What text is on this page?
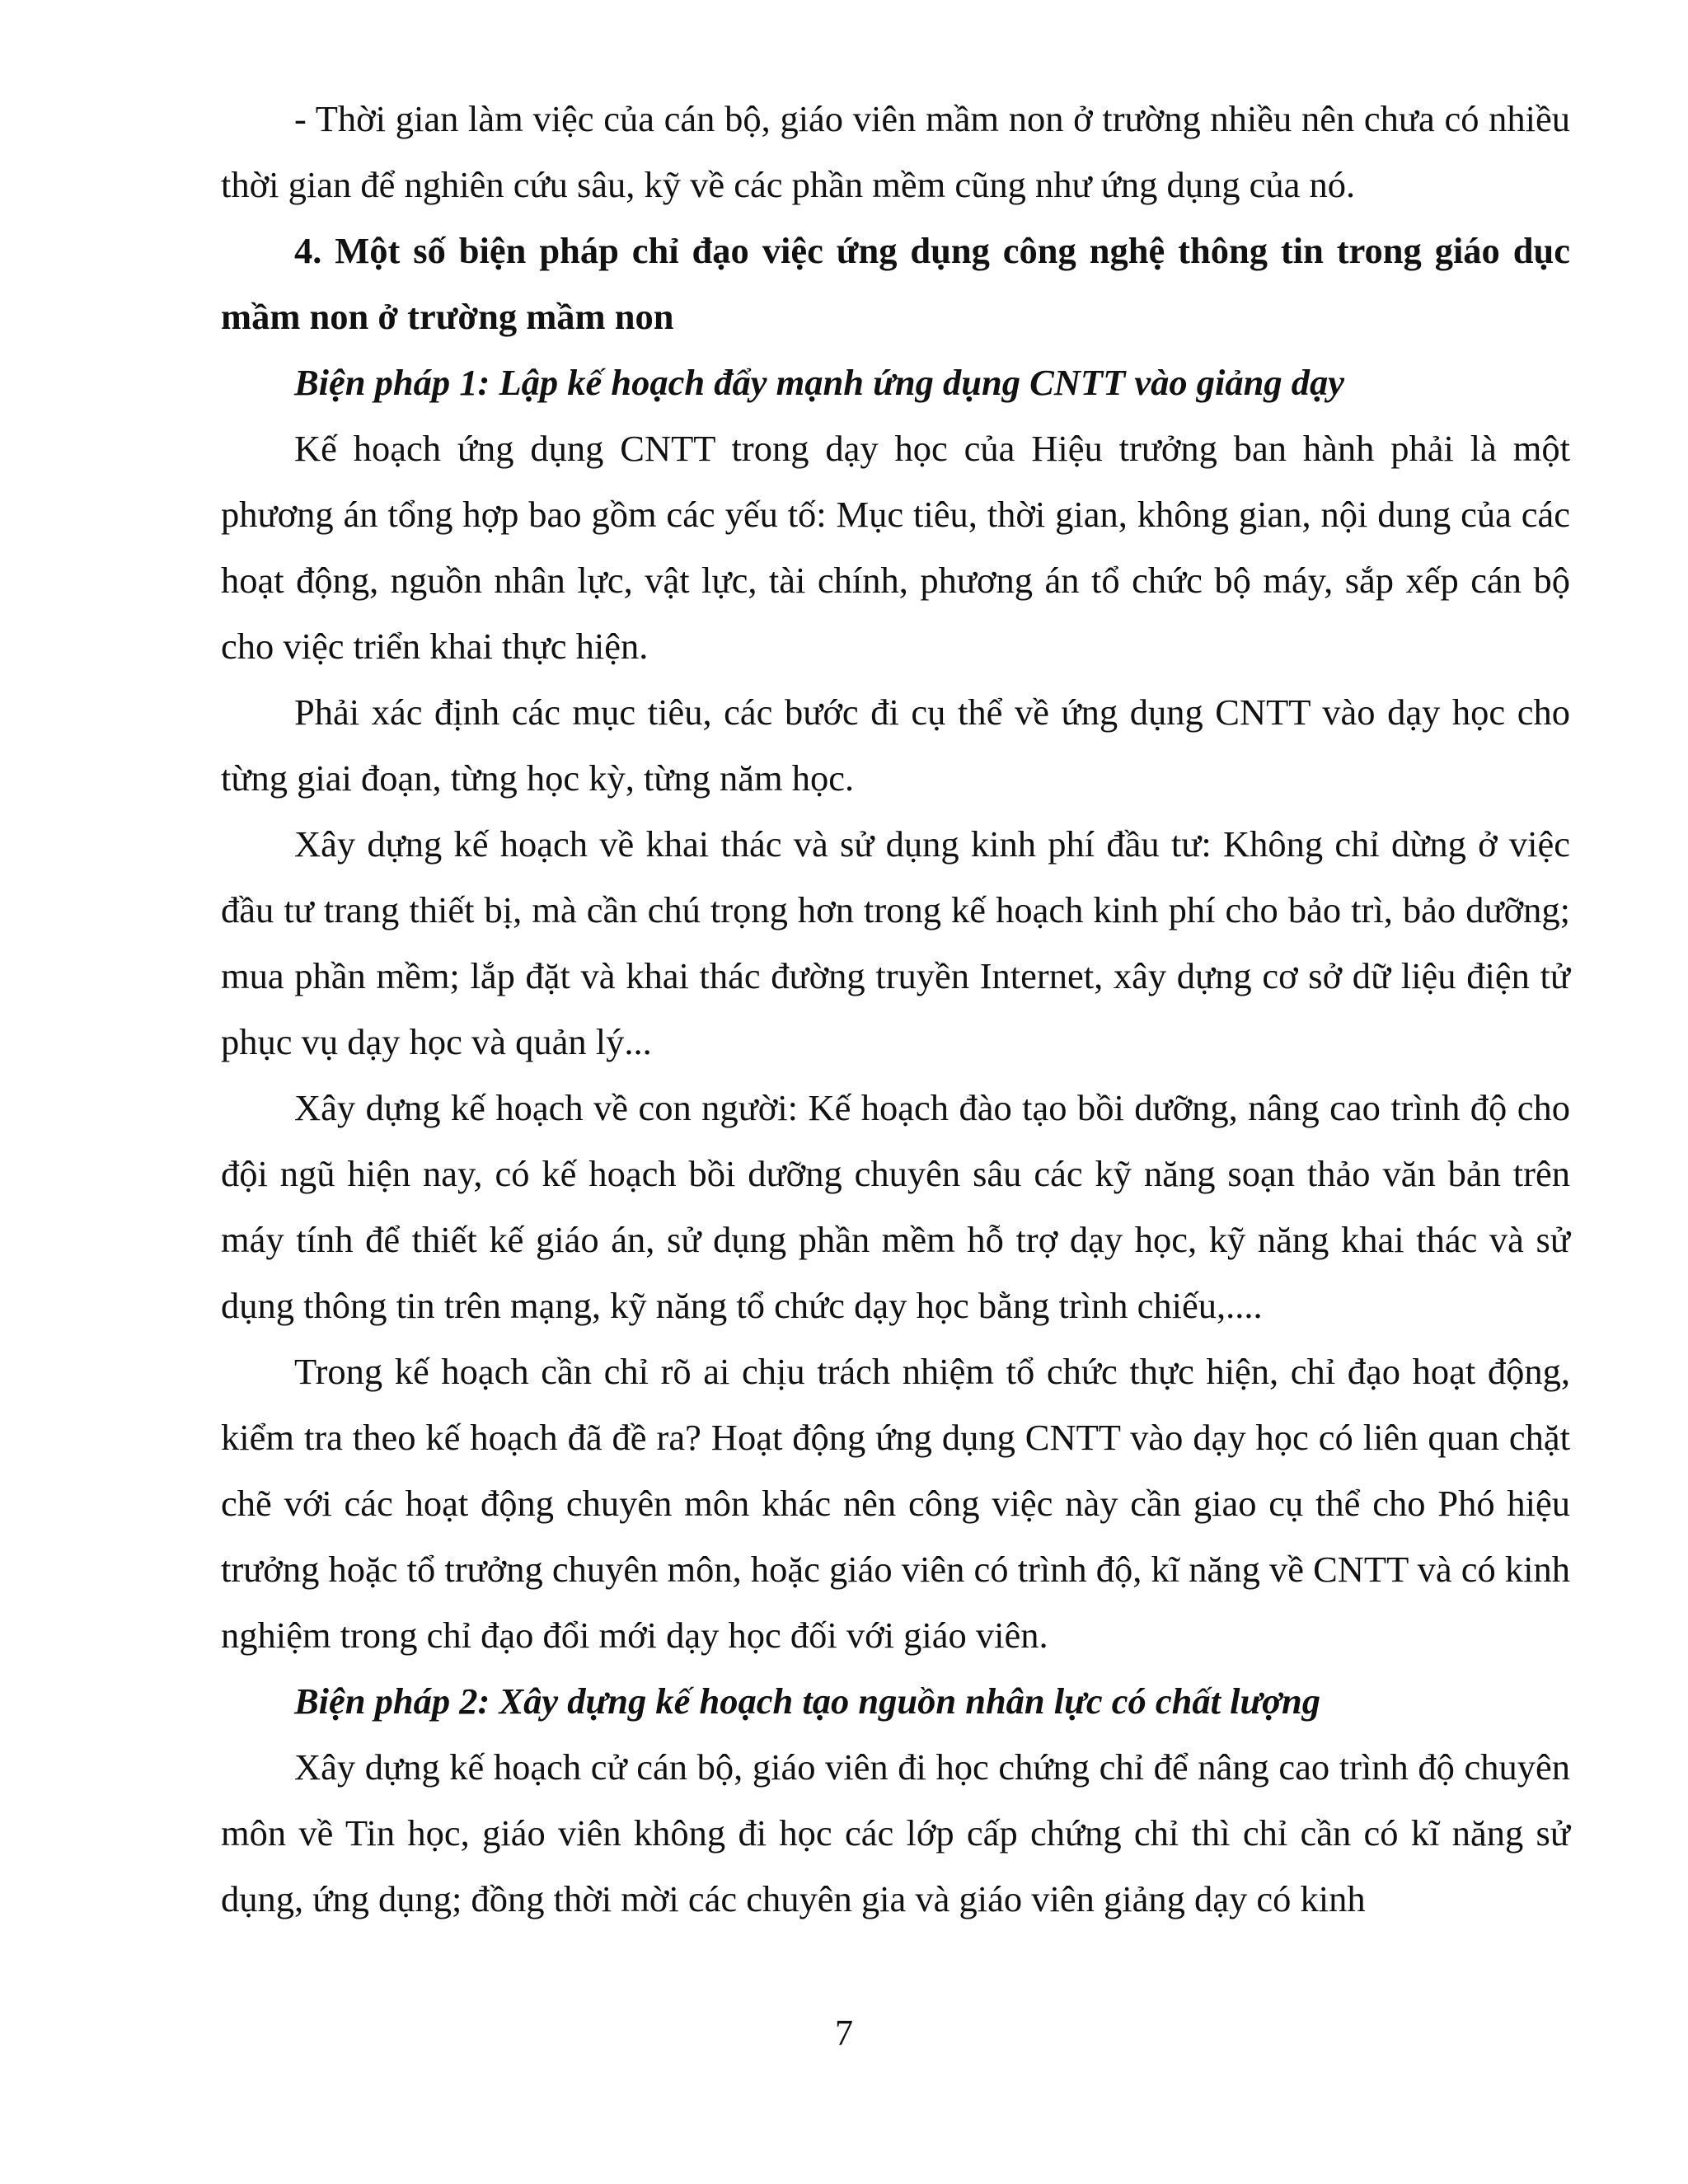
- Thời gian làm việc của cán bộ, giáo viên mầm non ở trường nhiều nên chưa có nhiều thời gian để nghiên cứu sâu, kỹ về các phần mềm cũng như ứng dụng của nó.

4. Một số biện pháp chỉ đạo việc ứng dụng công nghệ thông tin trong giáo dục mầm non ở trường mầm non

Biện pháp 1: Lập kế hoạch đẩy mạnh ứng dụng CNTT vào giảng dạy

Kế hoạch ứng dụng CNTT trong dạy học của Hiệu trưởng ban hành phải là một phương án tổng hợp bao gồm các yếu tố: Mục tiêu, thời gian, không gian, nội dung của các hoạt động, nguồn nhân lực, vật lực, tài chính, phương án tổ chức bộ máy, sắp xếp cán bộ cho việc triển khai thực hiện.

Phải xác định các mục tiêu, các bước đi cụ thể về ứng dụng CNTT vào dạy học cho từng giai đoạn, từng học kỳ, từng năm học.

Xây dựng kế hoạch về khai thác và sử dụng kinh phí đầu tư: Không chỉ dừng ở việc đầu tư trang thiết bị, mà cần chú trọng hơn trong kế hoạch kinh phí cho bảo trì, bảo dưỡng; mua phần mềm; lắp đặt và khai thác đường truyền Internet, xây dựng cơ sở dữ liệu điện tử phục vụ dạy học và quản lý...

Xây dựng kế hoạch về con người: Kế hoạch đào tạo bồi dưỡng, nâng cao trình độ cho đội ngũ hiện nay, có kế hoạch bồi dưỡng chuyên sâu các kỹ năng soạn thảo văn bản trên máy tính để thiết kế giáo án, sử dụng phần mềm hỗ trợ dạy học, kỹ năng khai thác và sử dụng thông tin trên mạng, kỹ năng tổ chức dạy học bằng trình chiếu,....

Trong kế hoạch cần chỉ rõ ai chịu trách nhiệm tổ chức thực hiện, chỉ đạo hoạt động, kiểm tra theo kế hoạch đã đề ra? Hoạt động ứng dụng CNTT vào dạy học có liên quan chặt chẽ với các hoạt động chuyên môn khác nên công việc này cần giao cụ thể cho Phó hiệu trưởng hoặc tổ trưởng chuyên môn, hoặc giáo viên có trình độ, kĩ năng về CNTT và có kinh nghiệm trong chỉ đạo đổi mới dạy học đối với giáo viên.

Biện pháp 2: Xây dựng kế hoạch tạo nguồn nhân lực có chất lượng

Xây dựng kế hoạch cử cán bộ, giáo viên đi học chứng chỉ để nâng cao trình độ chuyên môn về Tin học, giáo viên không đi học các lớp cấp chứng chỉ thì chỉ cần có kĩ năng sử dụng, ứng dụng; đồng thời mời các chuyên gia và giáo viên giảng dạy có kinh

7
